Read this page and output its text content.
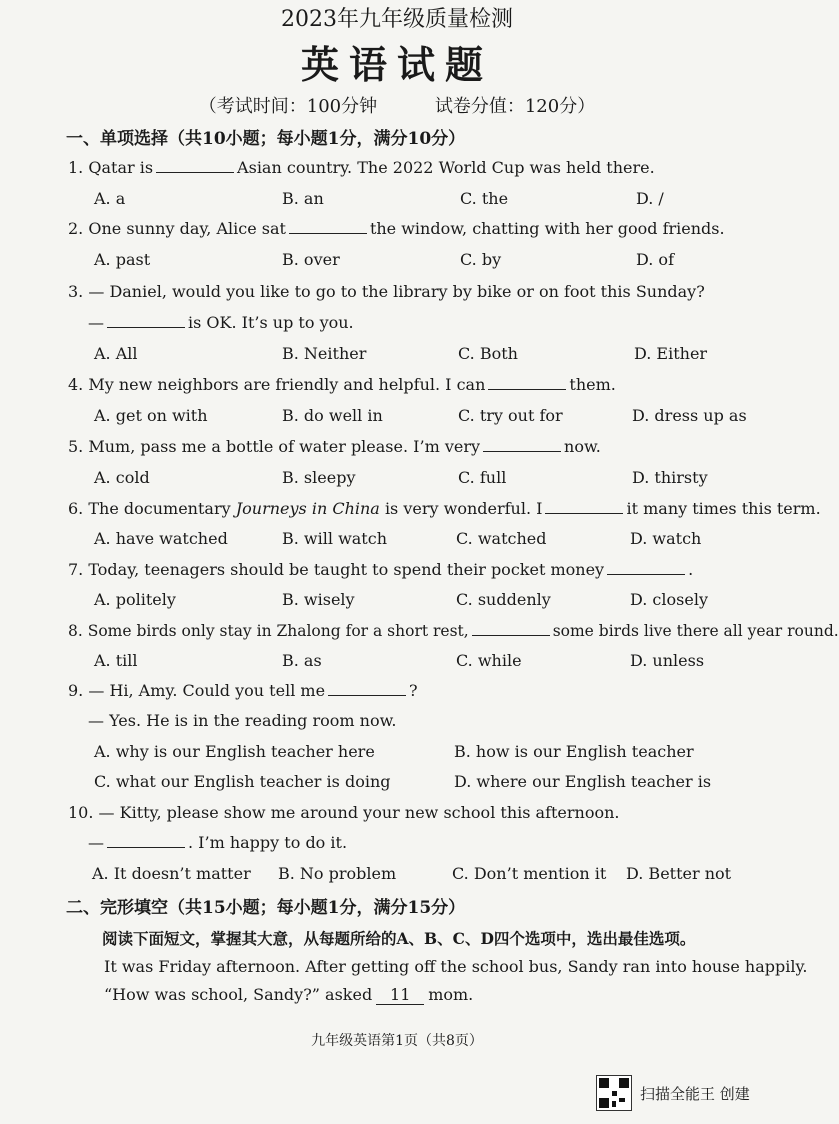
2023年九年级质量检测
英语试题
（考试时间：100分钟	试卷分值：120分）
一、单项选择（共10小题；每小题1分，满分10分）
1. Qatar is	Asian country. The 2022 World Cup was held there.
A. a	B. an	C. the	D. /
2. One sunny day, Alice sat	the window, chatting with her good friends.
A. past	B. over	C. by	D. of
3. — Daniel, would you like to go to the library by bike or on foot this Sunday?
—	is OK. It’s up to you.
A. All	B. Neither	C. Both	D. Either
4. My new neighbors are friendly and helpful. I can	them.
A. get on with	B. do well in	C. try out for	D. dress up as
5. Mum, pass me a bottle of water please. I’m very	now.
A. cold	B. sleepy	C. full	D. thirsty
6. The documentary Journeys in China is very wonderful. I	it many times this term.
A. have watched	B. will watch	C. watched	D. watch
7. Today, teenagers should be taught to spend their pocket money	.
A. politely	B. wisely	C. suddenly	D. closely
8. Some birds only stay in Zhalong for a short rest,	some birds live there all year round.
A. till	B. as	C. while	D. unless
9. — Hi, Amy. Could you tell me	?
— Yes. He is in the reading room now.
A. why is our English teacher here	B. how is our English teacher
C. what our English teacher is doing	D. where our English teacher is
10. — Kitty, please show me around your new school this afternoon.
—	. I’m happy to do it.
A. It doesn’t matter B. No problem	C. Don’t mention it D. Better not
二、完形填空（共15小题；每小题1分，满分15分）
阅读下面短文，掌握其大意，从每题所给的A、B、C、D四个选项中，选出最佳选项。
It was Friday afternoon. After getting off the school bus, Sandy ran into house happily.
“How was school, Sandy?” asked 11 mom.
九年级英语第1页（共8页）
扫描全能王 创建
